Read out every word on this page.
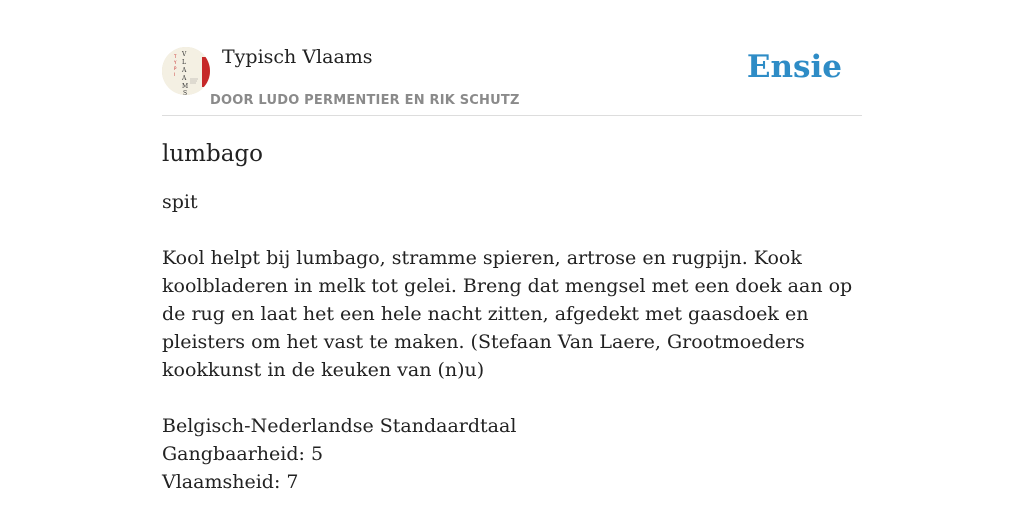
V
L
A
A
M
S
T
Y
P
I
Typisch Vlaams
DOOR LUDO PERMENTIER EN RIK SCHUTZ
Ensie
lumbago

spit

Kool helpt bij lumbago, stramme spieren, artrose en rugpijn. Kook koolbladeren in melk tot gelei. Breng dat mengsel met een doek aan op de rug en laat het een hele nacht zitten, afgedekt met gaasdoek en pleisters om het vast te maken. (Stefaan Van Laere, Grootmoeders kookkunst in de keuken van (n)u)

Belgisch-Nederlandse Standaardtaal
Gangbaarheid: 5
Vlaamsheid: 7
